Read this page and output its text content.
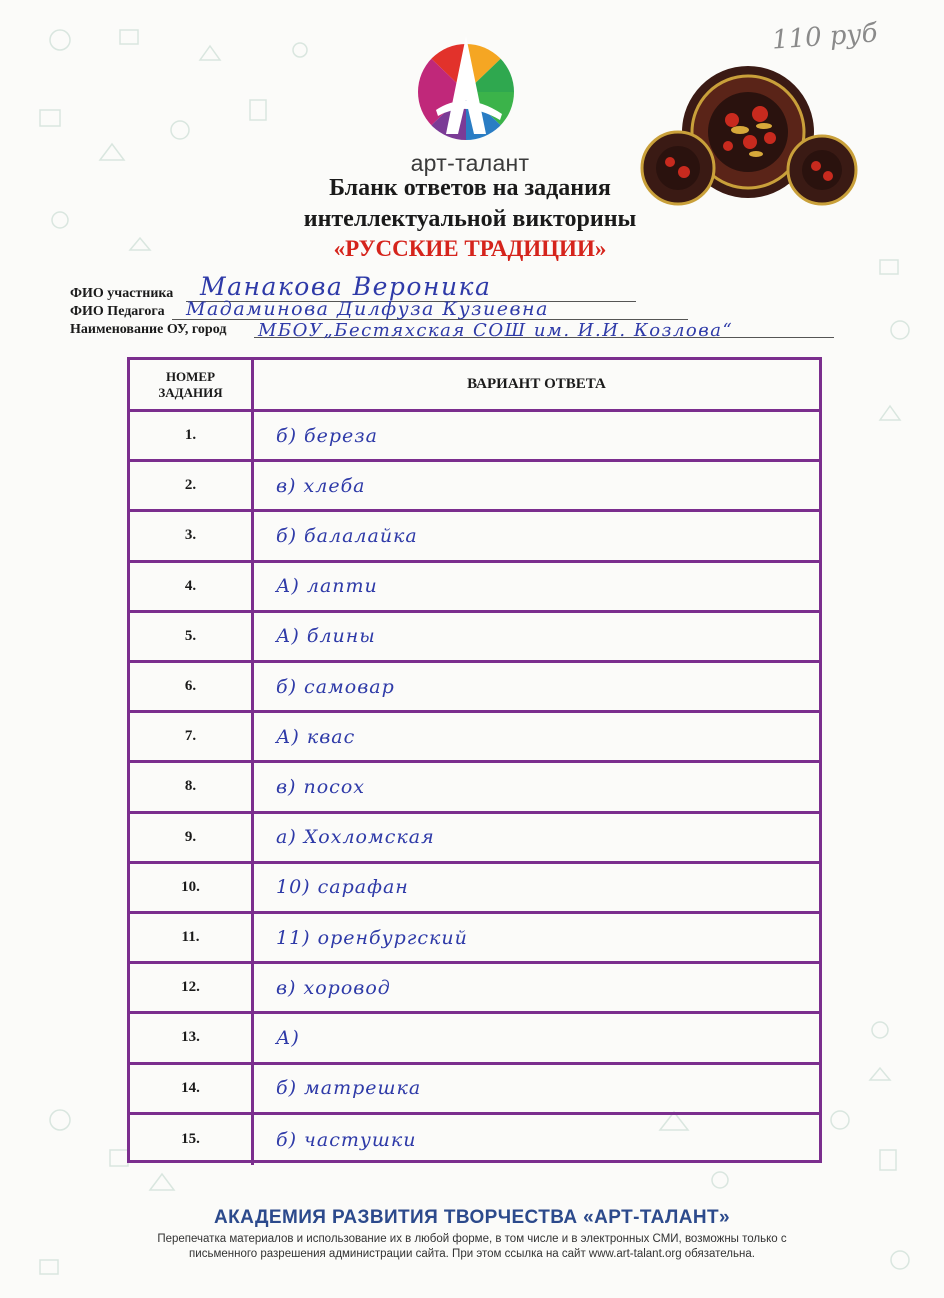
110 руб
арт-талант
Бланк ответов на задания
интеллектуальной викторины
«РУССКИЕ ТРАДИЦИИ»
ФИО участника Манакова Вероника
ФИО Педагога Мадаминова Дилфуза Кузиевна
Наименование ОУ, город МБОУ„Бестяхская СОШ им. И.И. Козлова“
НОМЕР
ЗАДАНИЯ	ВАРИАНТ ОТВЕТА
1.	б) береза
2.	в) хлеба
3.	б) балалайка
4.	А) лапти
5.	А) блины
6.	б) самовар
7.	А) квас
8.	в) посох
9.	а) Хохломская
10.	10) сарафан
11.	11) оренбургский
12.	в) хоровод
13.	А)
14.	б) матрешка
15.	б) частушки
АКАДЕМИЯ РАЗВИТИЯ ТВОРЧЕСТВА «АРТ-ТАЛАНТ»
Перепечатка материалов и использование их в любой форме, в том числе и в электронных СМИ, возможны только с
письменного разрешения администрации сайта. При этом ссылка на сайт www.art-talant.org обязательна.
